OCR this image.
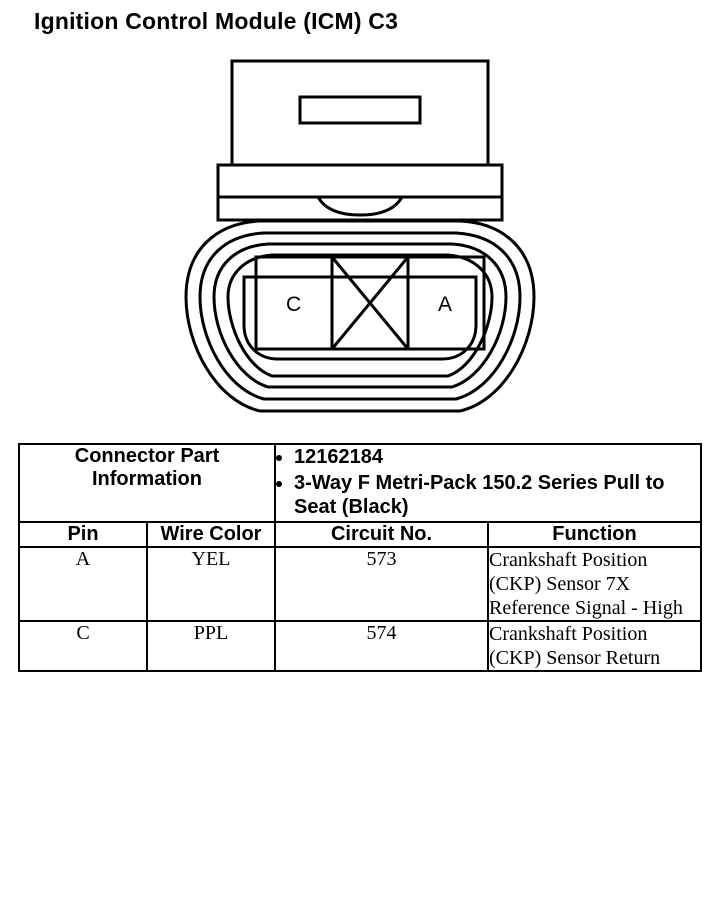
Ignition Control Module (ICM) C3
C	A
Connector Part Information	
• 12162184
• 3-Way F Metri-Pack 150.2 Series Pull to Seat (Black)

Pin	Wire Color	Circuit No.	Function
A	YEL	573	Crankshaft Position (CKP) Sensor 7X Reference Signal - High
C	PPL	574	Crankshaft Position (CKP) Sensor Return
